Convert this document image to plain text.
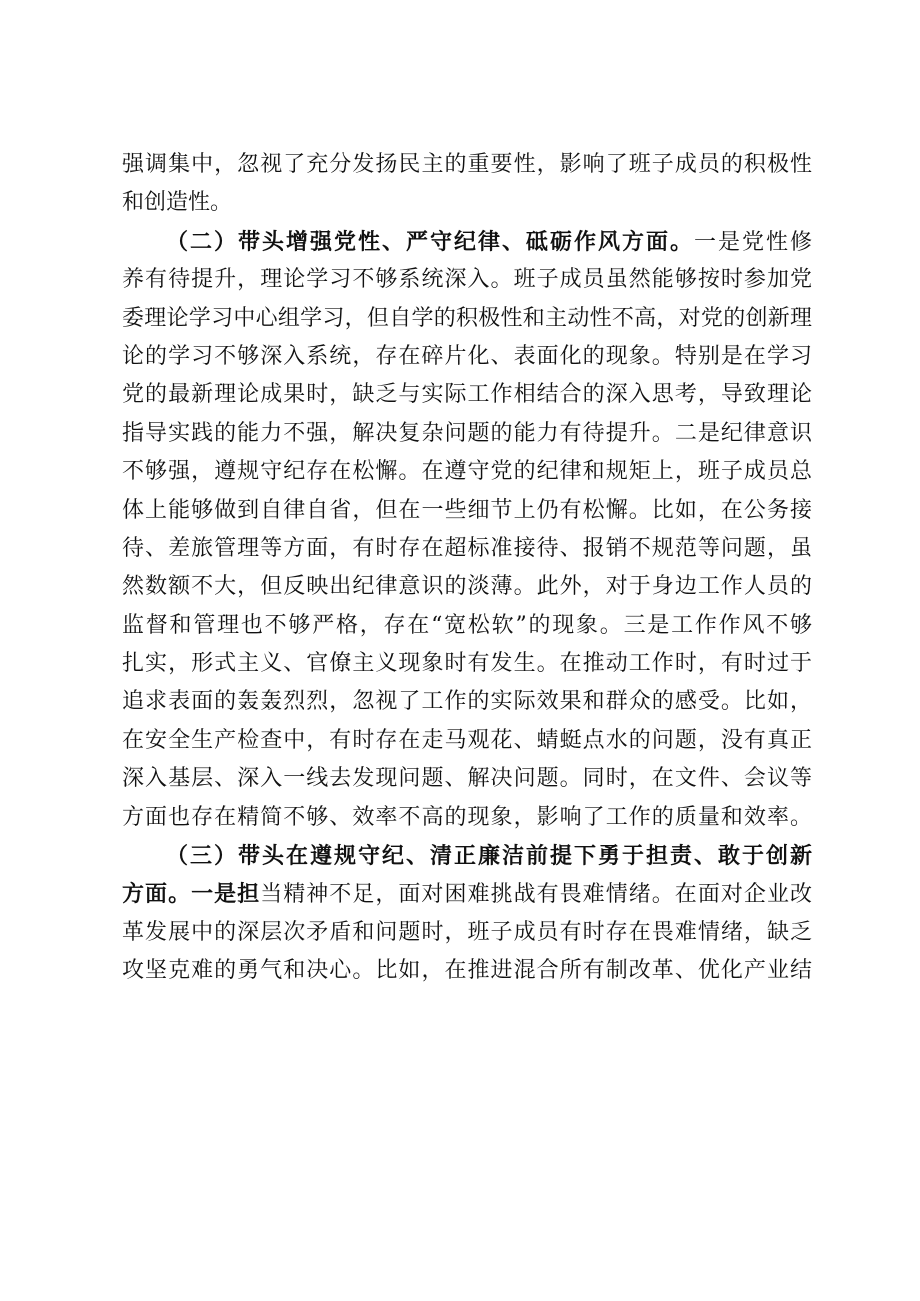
强调集中，忽视了充分发扬民主的重要性，影响了班子成员的积极性
和创造性。
（二）带头增强党性、严守纪律、砥砺作风方面。一是党性修
养有待提升，理论学习不够系统深入。班子成员虽然能够按时参加党
委理论学习中心组学习，但自学的积极性和主动性不高，对党的创新理
论的学习不够深入系统，存在碎片化、表面化的现象。特别是在学习
党的最新理论成果时，缺乏与实际工作相结合的深入思考，导致理论
指导实践的能力不强，解决复杂问题的能力有待提升。二是纪律意识
不够强，遵规守纪存在松懈。在遵守党的纪律和规矩上，班子成员总
体上能够做到自律自省，但在一些细节上仍有松懈。比如，在公务接
待、差旅管理等方面，有时存在超标准接待、报销不规范等问题，虽
然数额不大，但反映出纪律意识的淡薄。此外，对于身边工作人员的
监督和管理也不够严格，存在“宽松软”的现象。三是工作作风不够
扎实，形式主义、官僚主义现象时有发生。在推动工作时，有时过于
追求表面的轰轰烈烈，忽视了工作的实际效果和群众的感受。比如，
在安全生产检查中，有时存在走马观花、蜻蜓点水的问题，没有真正
深入基层、深入一线去发现问题、解决问题。同时，在文件、会议等
方面也存在精简不够、效率不高的现象，影响了工作的质量和效率。
（三）带头在遵规守纪、清正廉洁前提下勇于担责、敢于创新
方面。一是担当精神不足，面对困难挑战有畏难情绪。在面对企业改
革发展中的深层次矛盾和问题时，班子成员有时存在畏难情绪，缺乏
攻坚克难的勇气和决心。比如，在推进混合所有制改革、优化产业结
